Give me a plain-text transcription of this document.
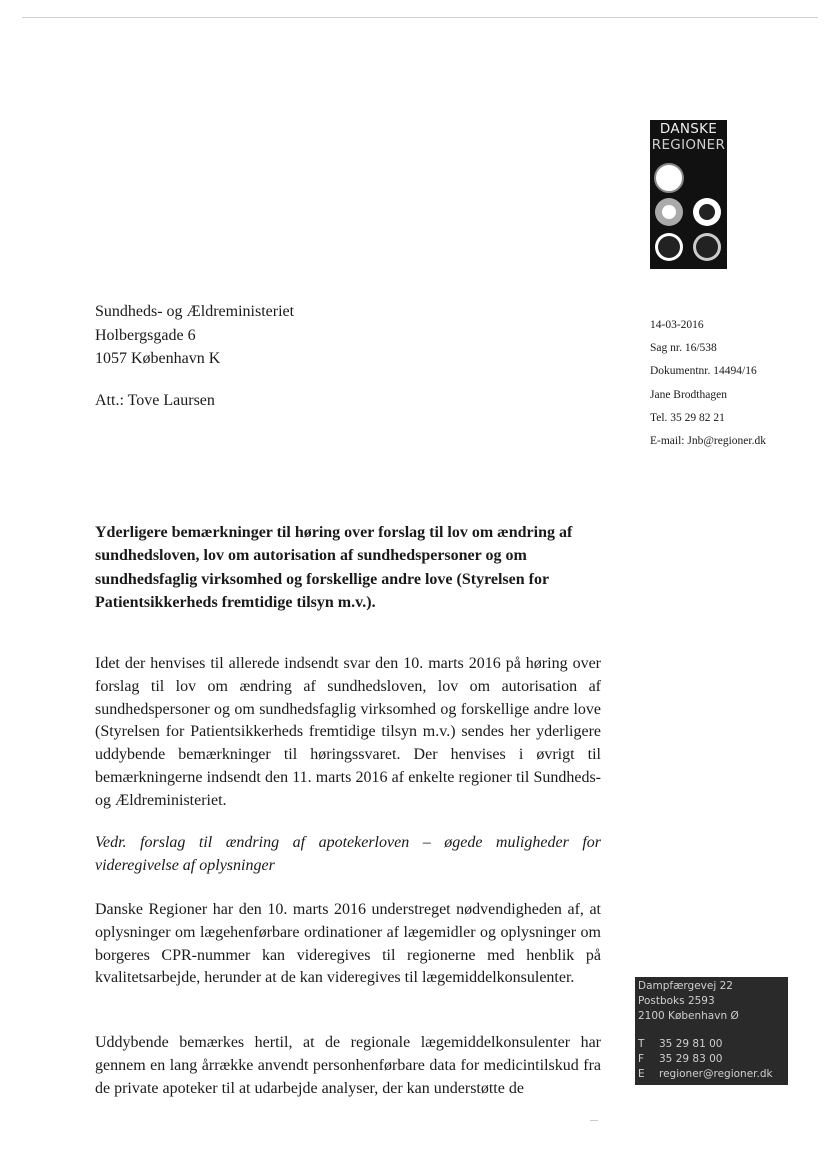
DANSKE
REGIONER
Sundheds- og Ældreministeriet
Holbergsgade 6
1057 København K
Att.: Tove Laursen
14-03-2016
Sag nr. 16/538
Dokumentnr. 14494/16
Jane Brodthagen
Tel. 35 29 82 21
E-mail: Jnb@regioner.dk
Yderligere bemærkninger til høring over forslag til lov om ændring af sundhedsloven, lov om autorisation af sundhedspersoner og om sundhedsfaglig virksomhed og forskellige andre love (Styrelsen for Patientsikkerheds fremtidige tilsyn m.v.).
Idet der henvises til allerede indsendt svar den 10. marts 2016 på høring over forslag til lov om ændring af sundhedsloven, lov om autorisation af sundhedspersoner og om sundhedsfaglig virksomhed og forskellige andre love (Styrelsen for Patientsikkerheds fremtidige tilsyn m.v.) sendes her yderligere uddybende bemærkninger til høringssvaret. Der henvises i øvrigt til bemærkningerne indsendt den 11. marts 2016 af enkelte regioner til Sundheds- og Ældreministeriet.
Vedr. forslag til ændring af apotekerloven – øgede muligheder for videregivelse af oplysninger
Danske Regioner har den 10. marts 2016 understreget nødvendigheden af, at oplysninger om lægehenførbare ordinationer af lægemidler og oplysninger om borgeres CPR-nummer kan videregives til regionerne med henblik på kvalitetsarbejde, herunder at de kan videregives til lægemiddelkonsulenter.
Uddybende bemærkes hertil, at de regionale lægemiddelkonsulenter har gennem en lang årrække anvendt personhenførbare data for medicintilskud fra de private apoteker til at udarbejde analyser, der kan understøtte de
Dampfærgevej 22
Postboks 2593
2100 København Ø
T 35 29 81 00
F 35 29 83 00
E regioner@regioner.dk
